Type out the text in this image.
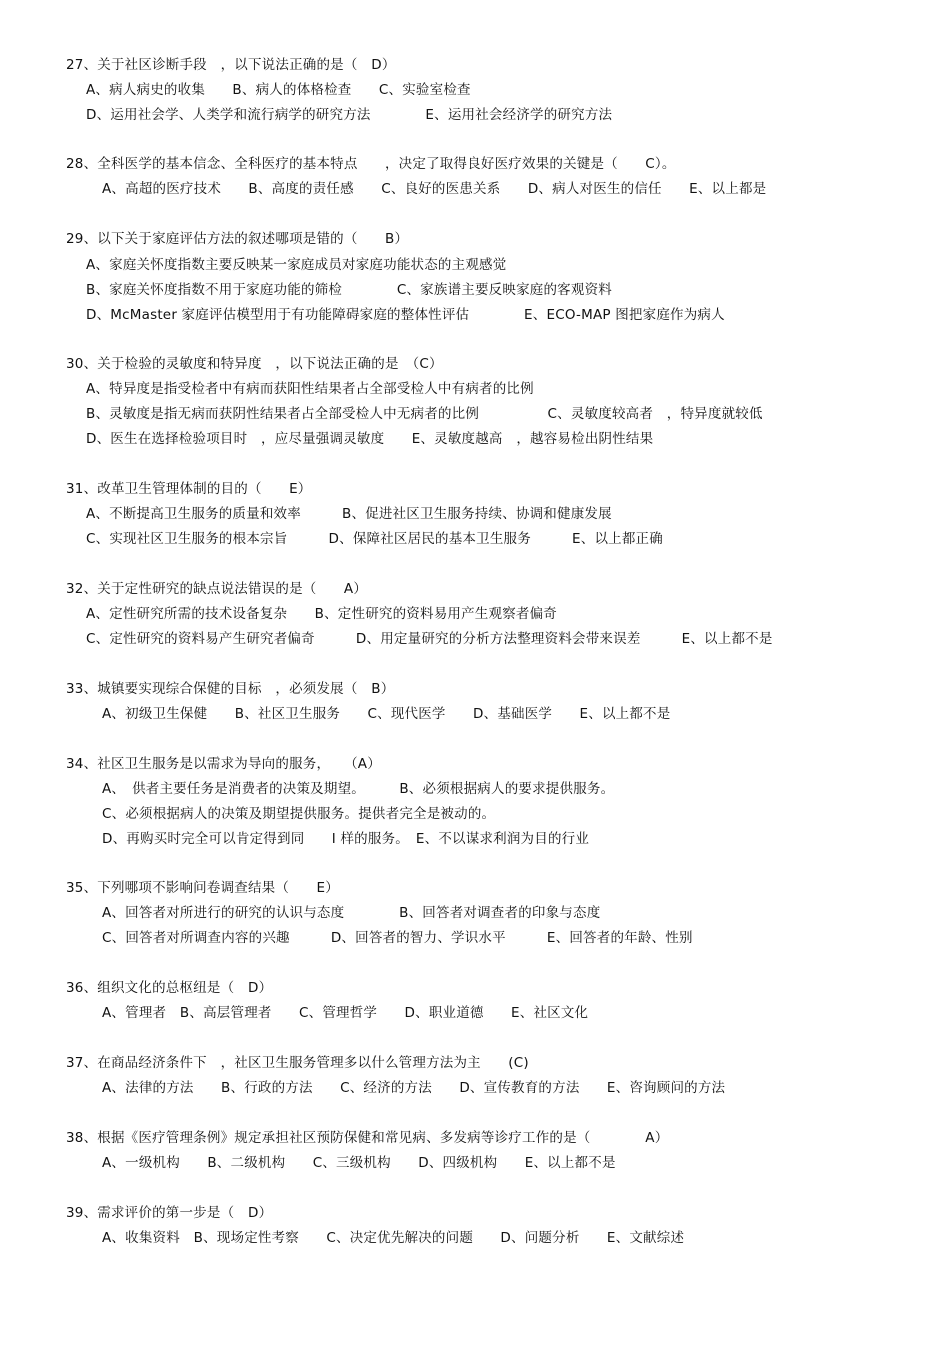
27、关于社区诊断手段　，以下说法正确的是（　D）
A、病人病史的收集　　B、病人的体格检查　　C、实验室检查
D、运用社会学、人类学和流行病学的研究方法　　　　E、运用社会经济学的研究方法
28、全科医学的基本信念、全科医疗的基本特点　　，决定了取得良好医疗效果的关键是（　　C）。
A、高超的医疗技术　　B、高度的责任感　　C、良好的医患关系　　D、病人对医生的信任　　E、以上都是
29、以下关于家庭评估方法的叙述哪项是错的（　　B）
A、家庭关怀度指数主要反映某一家庭成员对家庭功能状态的主观感觉
B、家庭关怀度指数不用于家庭功能的筛检　　　　C、家族谱主要反映家庭的客观资料
D、McMaster 家庭评估模型用于有功能障碍家庭的整体性评估　　　　E、ECO-MAP 图把家庭作为病人
30、关于检验的灵敏度和特异度　，以下说法正确的是　（C）
A、特异度是指受检者中有病而获阳性结果者占全部受检人中有病者的比例
B、灵敏度是指无病而获阴性结果者占全部受检人中无病者的比例　　　　　C、灵敏度较高者　，特异度就较低
D、医生在选择检验项目时　，应尽量强调灵敏度　　E、灵敏度越高　，越容易检出阴性结果
31、改革卫生管理体制的目的（　　E）
A、不断提高卫生服务的质量和效率　　　B、促进社区卫生服务持续、协调和健康发展
C、实现社区卫生服务的根本宗旨　　　D、保障社区居民的基本卫生服务　　　E、以上都正确
32、关于定性研究的缺点说法错误的是（　　A）
A、定性研究所需的技术设备复杂　　B、定性研究的资料易用产生观察者偏奇
C、定性研究的资料易产生研究者偏奇　　　D、用定量研究的分析方法整理资料会带来误差　　　E、以上都不是
33、城镇要实现综合保健的目标　，必须发展（　B）
A、初级卫生保健　　B、社区卫生服务　　C、现代医学　　D、基础医学　　E、以上都不是
34、社区卫生服务是以需求为导向的服务，　　（A）
A、　供者主要任务是消费者的决策及期望。　　　B、必须根据病人的要求提供服务。
C、必须根据病人的决策及期望提供服务。提供者完全是被动的。
D、再购买时完全可以肯定得到同　　I 样的服务。　E、不以谋求利润为目的行业
35、下列哪项不影响问卷调查结果（　　E）
A、回答者对所进行的研究的认识与态度　　　　B、回答者对调查者的印象与态度
C、回答者对所调查内容的兴趣　　　D、回答者的智力、学识水平　　　E、回答者的年龄、性别
36、组织文化的总枢纽是（　D）
A、管理者　B、高层管理者　　C、管理哲学　　D、职业道德　　E、社区文化
37、在商品经济条件下　，社区卫生服务管理多以什么管理方法为主　　(C)
A、法律的方法　　B、行政的方法　　C、经济的方法　　D、宣传教育的方法　　E、咨询顾问的方法
38、根据《医疗管理条例》规定承担社区预防保健和常见病、多发病等诊疗工作的是（　　　　A）
A、一级机构　　B、二级机构　　C、三级机构　　D、四级机构　　E、以上都不是
39、需求评价的第一步是（　D）
A、收集资料　B、现场定性考察　　C、决定优先解决的问题　　D、问题分析　　E、文献综述
